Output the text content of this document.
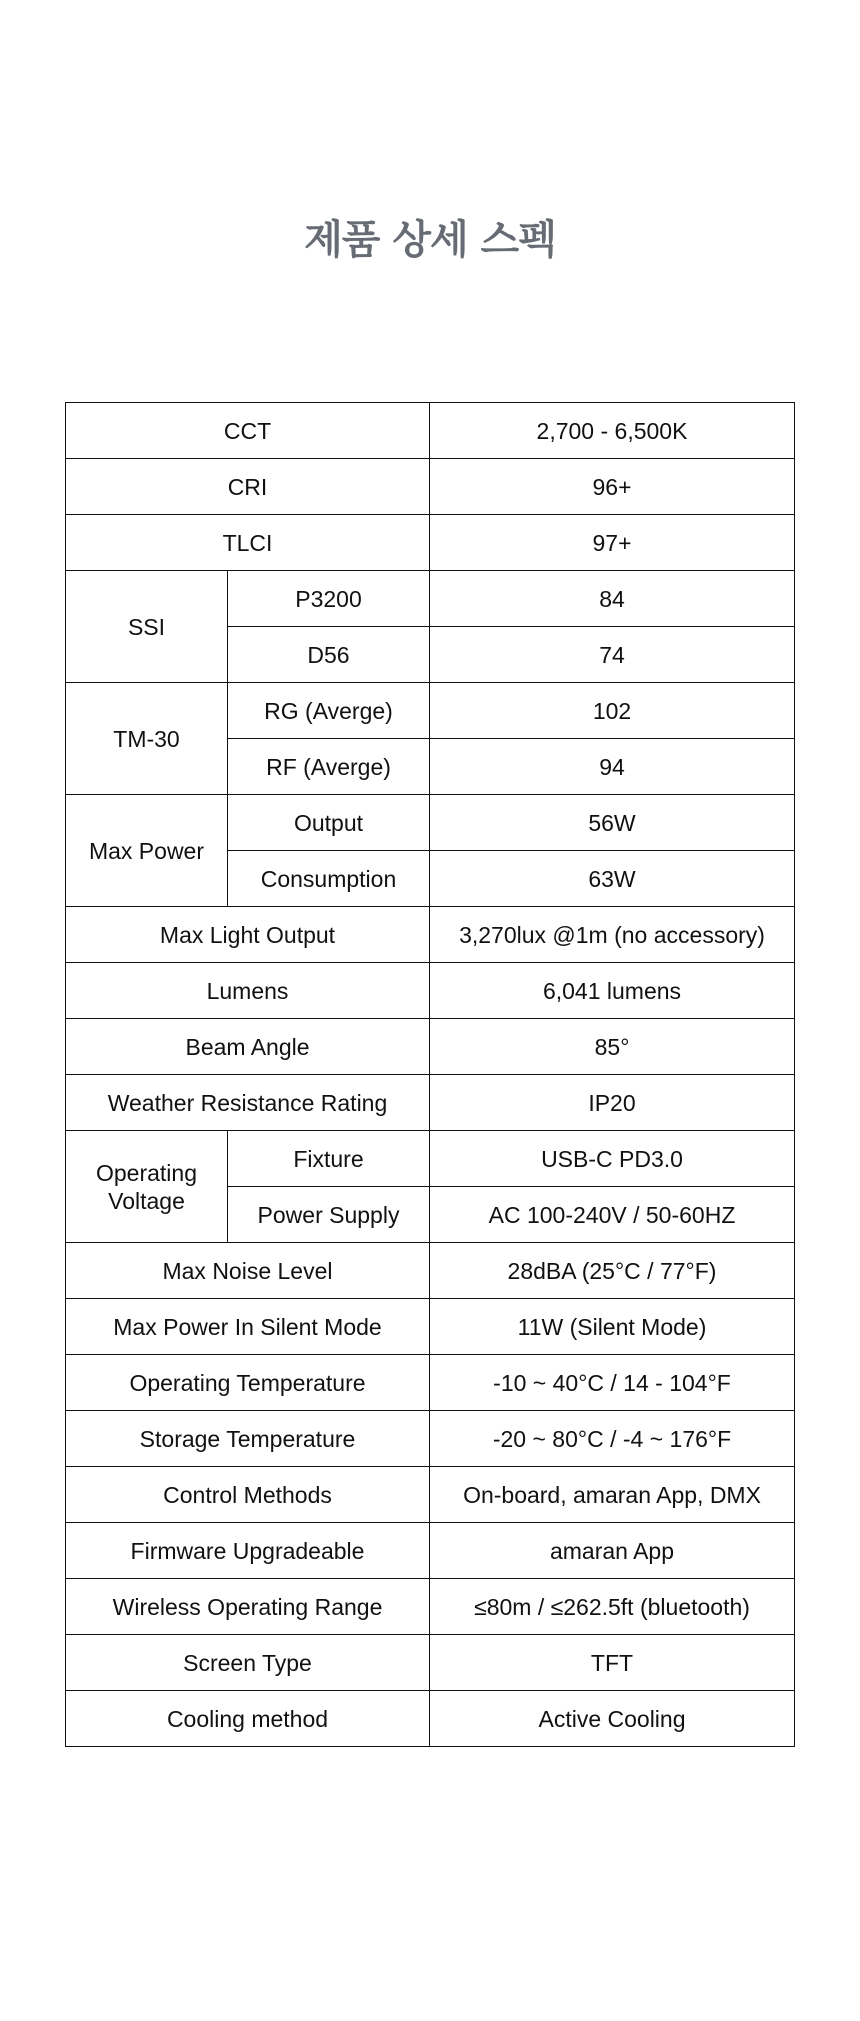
제품 상세 스펙
CCT		2,700 - 6,500K
CRI		96+
TLCI		97+
SSI	P3200	84
	D56	74
TM-30	RG (Averge)	102
	RF (Averge)	94
Max Power	Output	56W
	Consumption	63W
Max Light Output		3,270lux @1m (no accessory)
Lumens		6,041 lumens
Beam Angle		85°
Weather Resistance Rating		IP20
Operating
Voltage	Fixture	USB-C PD3.0
	Power Supply	AC 100-240V / 50-60HZ
Max Noise Level		28dBA (25°C / 77°F)
Max Power In Silent Mode		11W (Silent Mode)
Operating Temperature		-10 ~ 40°C / 14 - 104°F
Storage Temperature		-20 ~ 80°C / -4 ~ 176°F
Control Methods		On-board, amaran App, DMX
Firmware Upgradeable		amaran App
Wireless Operating Range		≤80m / ≤262.5ft (bluetooth)
Screen Type		TFT
Cooling method		Active Cooling
